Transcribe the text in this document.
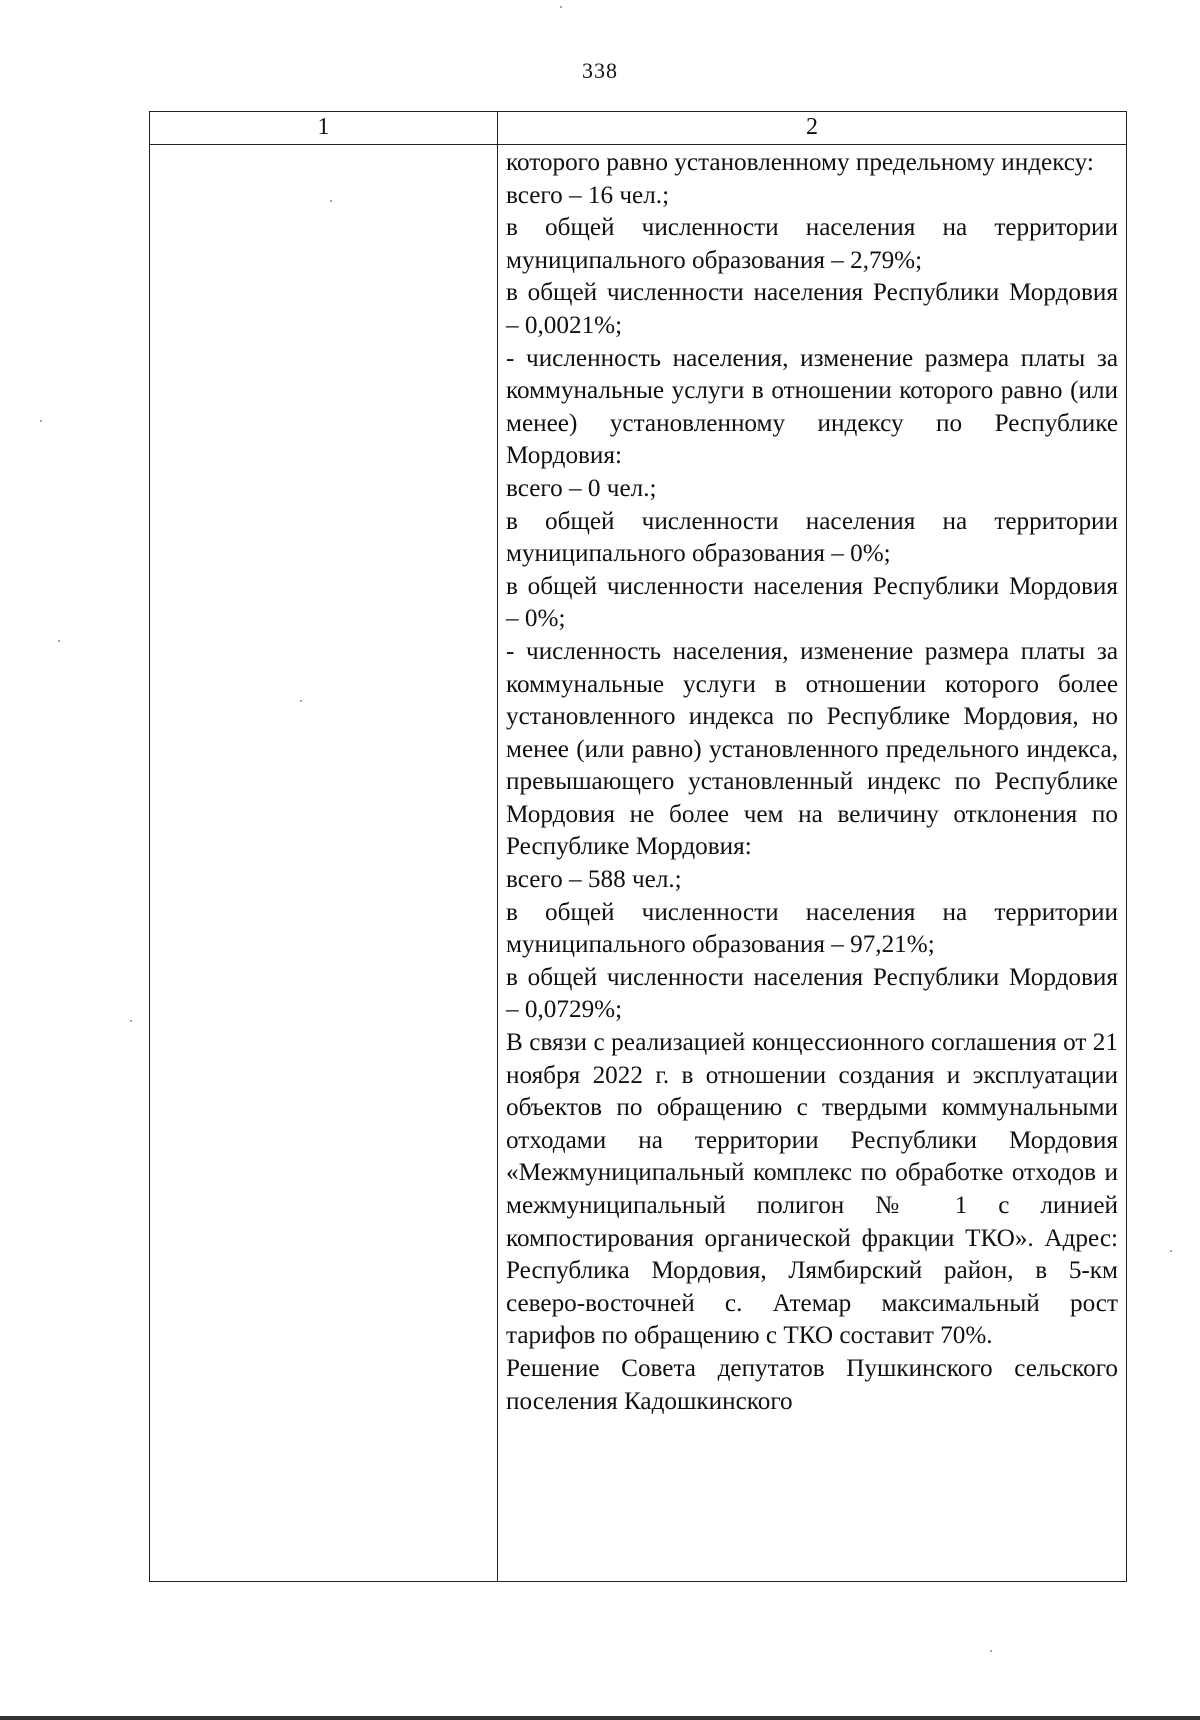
338
1	2

которого равно установленному предельному индексу:

всего – 16 чел.;

в общей численности населения на территории муниципального образования – 2,79%;

в общей численности населения Республики Мордовия – 0,0021%;

- численность населения, изменение размера платы за коммунальные услуги в отношении которого равно (или менее) установленному индексу по Республике Мордовия:

всего – 0 чел.;

в общей численности населения на территории муниципального образования – 0%;

в общей численности населения Республики Мордовия – 0%;

- численность населения, изменение размера платы за коммунальные услуги в отношении которого более установленного индекса по Республике Мордовия, но менее (или равно) установленного предельного индекса, превышающего установленный индекс по Республике Мордовия не более чем на величину отклонения по Республике Мордовия:

всего – 588 чел.;

в общей численности населения на территории муниципального образования – 97,21%;

в общей численности населения Республики Мордовия – 0,0729%;

В связи с реализацией концессионного соглашения от 21 ноября 2022 г. в отношении создания и эксплуатации объектов по обращению с твердыми коммунальными отходами на территории Республики Мордовия «Межмуниципальный комплекс по обработке отходов и межмуниципальный полигон № 1 с линией компостирования органической фракции ТКО». Адрес: Республика Мордовия, Лямбирский район, в 5-км северо-восточней с. Атемар максимальный рост тарифов по обращению с ТКО составит 70%.

Решение Совета депутатов Пушкинского сельского поселения Кадошкинского
